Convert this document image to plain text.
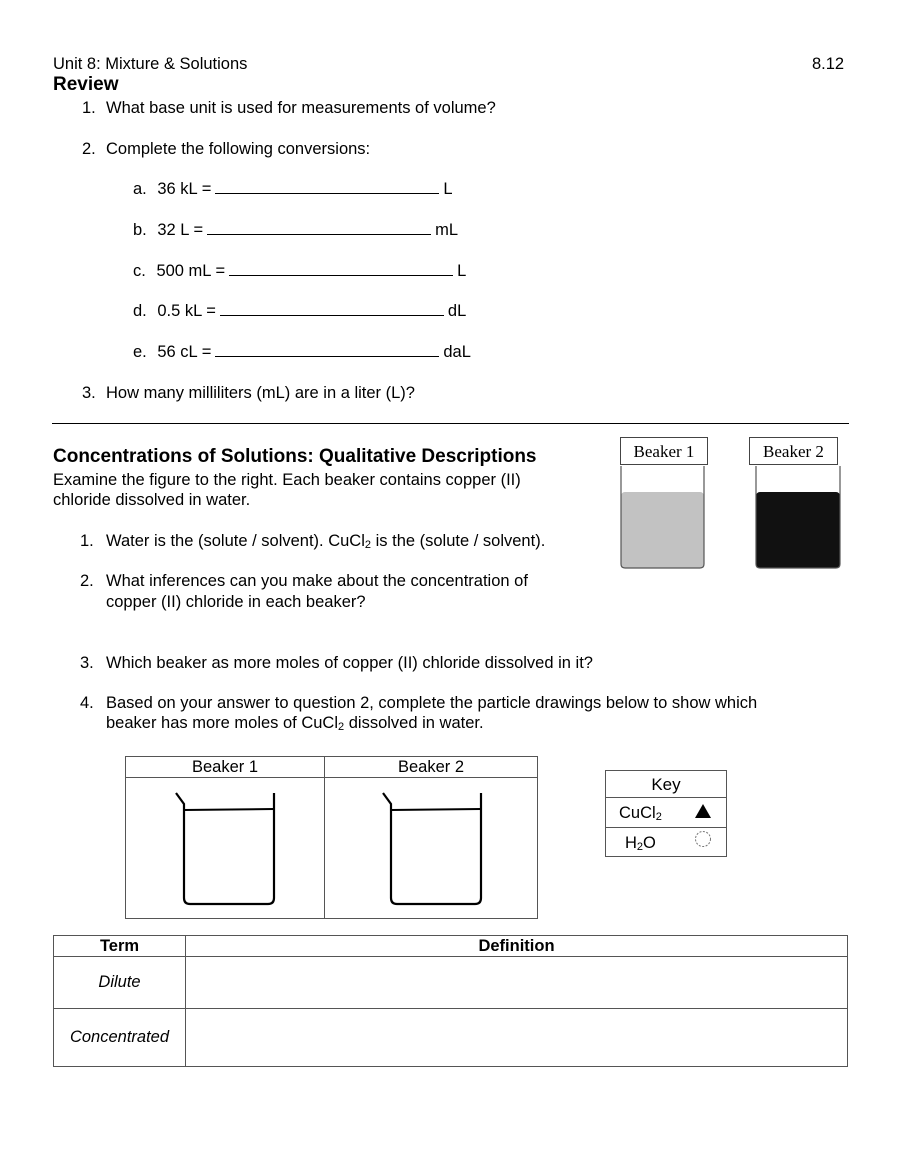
Unit 8: Mixture & Solutions	8.12
Review
1. What base unit is used for measurements of volume?
2. Complete the following conversions:
a. 36 kL =	L
b. 32 L =	mL
c. 500 mL =	L
d. 0.5 kL =	dL
e. 56 cL =	daL
3. How many milliliters (mL) are in a liter (L)?
Concentrations of Solutions: Qualitative Descriptions
Examine the figure to the right. Each beaker contains copper (II)
chloride dissolved in water.
1. Water is the (solute / solvent). CuCl$_2$ is the (solute / solvent).
2. What inferences can you make about the concentration of
copper (II) chloride in each beaker?
3. Which beaker as more moles of copper (II) chloride dissolved in it?
4. Based on your answer to question 2, complete the particle drawings below to show which
beaker has more moles of CuCl$_2$ dissolved in water.
Beaker 1	Beaker 2
Beaker 1	Beaker 2

Key
CuCl$_2$
$H_2O$
Term	Definition
Dilute	
Concentrated	
